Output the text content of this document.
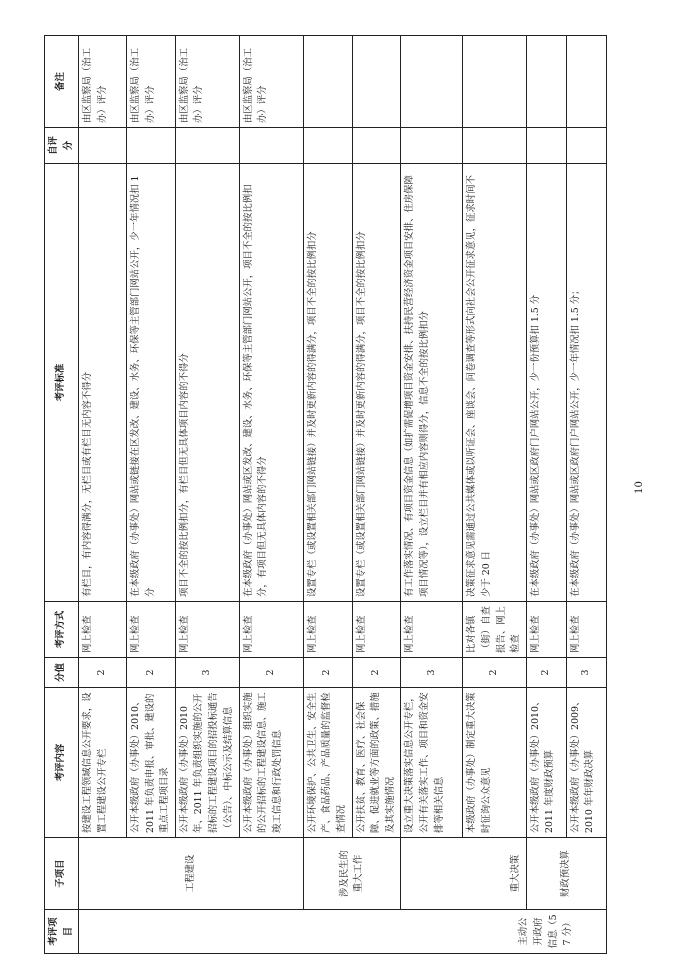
考评项目	子项目	考评内容	分值	考评方式	考评标准	自评分	备注
主动公开政府信息（57 分）	工程建设	按建设工程领域信息公开要求，设置工程建设公开专栏	2	网上检查	有栏目，有内容得满分，无栏目或有栏目无内容不得分		由区监察局（治工办）评分
		公开本级政府（办事处）2010、2011 年负责申报、审批、建设的重点工程项目录	2	网上检查	在本级政府（办事处）网站或链接在区发改、建设、水务、环保等主管部门网站公开，少一年情况扣 1 分		由区监察局（治工办）评分
		公开本级政府（办事处）2010 年、2011 年负责组织实施的公开招标的工程建设项目的招投标通告（公告）、中标公示及结算信息	3	网上检查	项目不全的按比例扣分，有栏目但无具体项目内容的不得分		由区监察局（治工办）评分
		公开本级政府（办事处）组织实施的公开招标的工程建设信息、施工竣工信息和行政处罚信息	2	网上检查	在本级政府（办事处）网站或区发改、建设、水务、环保等主管部门网站公开，项目不全的按比例扣分，有项目但无具体内容的不得分		由区监察局（治工办）评分

	涉及民生的 重大工作	公开环境保护、公共卫生、安全生产、食品药品、产品质量的监督检查情况	2	网上检查	设置专栏（或设置相关部门网站链接）并及时更新内容的得满分，项目不全的按比例扣分		
		公开扶贫、教育、医疗、社会保障、促进就业等方面的政策、措施及其实施情况	2	网上检查	设置专栏（或设置相关部门网站链接）并及时更新内容的得满分，项目不全的按比例扣分		
	重大决策	设立重大决策落实信息公开专栏，公开有关落实工作、项目和资金安排等相关信息	3	网上检查	有工作落实情况、有项目资金信息（如扩需促增项目资金安排、扶持民营经济资金项目安排、住房保障项目情况等），设立栏目并有相应内容则得分，信息不全的按比例扣分		
		本级政府（办事处）制定重大决策时征询公众意见	2	比对各镇（街）自查报告、网上检查	决策征求意见需通过公共媒体或以听证会、座谈会、问卷调查等形式向社会公开征求意见，征求时间不少于 20 日		
	财政预决算	公开本级政府（办事处）2010、2011 年度财政预算	2	网上检查	在本级政府（办事处）网站或区政府门户网站公开，少一份预算扣 1.5 分		
		公开本级政府（办事处）2009、2010 年年财政决算	3	网上检查	在本级政府（办事处）网站或区政府门户网站公开，少一年情况扣 1.5 分；			10
